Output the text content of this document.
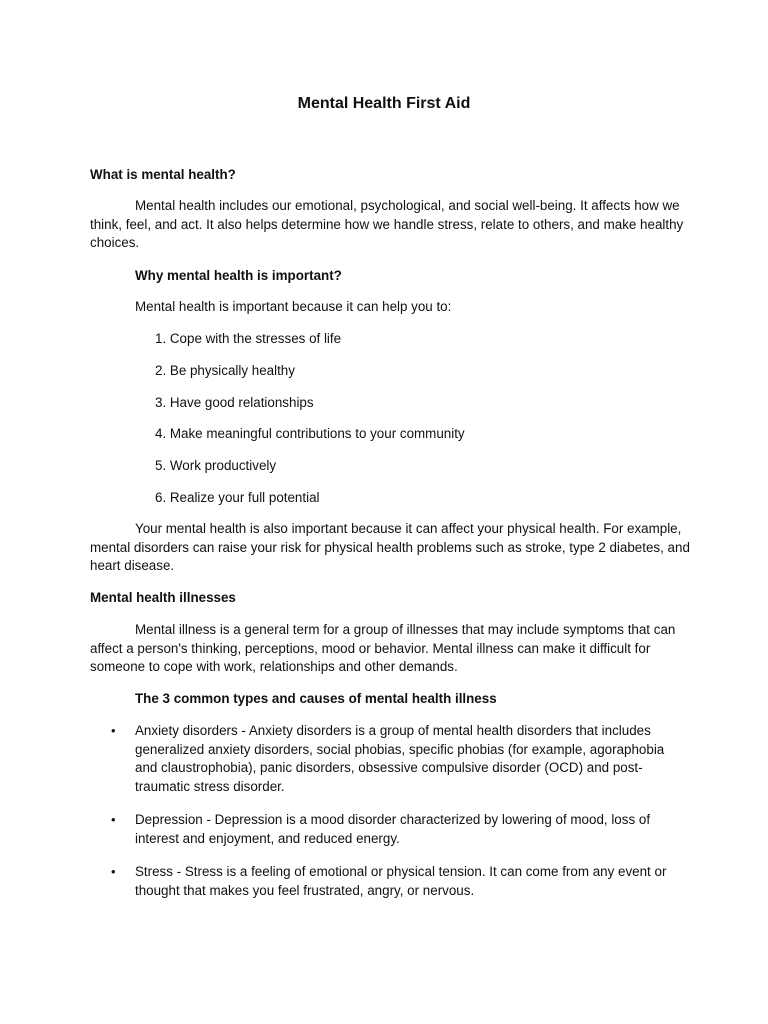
Mental Health First Aid

What is mental health?

Mental health includes our emotional, psychological, and social well-being. It affects how we think, feel, and act. It also helps determine how we handle stress, relate to others, and make healthy choices.

Why mental health is important?

Mental health is important because it can help you to:

1. Cope with the stresses of life

2. Be physically healthy

3. Have good relationships

4. Make meaningful contributions to your community

5. Work productively

6. Realize your full potential

Your mental health is also important because it can affect your physical health. For example, mental disorders can raise your risk for physical health problems such as stroke, type 2 diabetes, and heart disease.

Mental health illnesses

Mental illness is a general term for a group of illnesses that may include symptoms that can affect a person's thinking, perceptions, mood or behavior. Mental illness can make it difficult for someone to cope with work, relationships and other demands.

The 3 common types and causes of mental health illness

• Anxiety disorders - Anxiety disorders is a group of mental health disorders that includes generalized anxiety disorders, social phobias, specific phobias (for example, agoraphobia and claustrophobia), panic disorders, obsessive compulsive disorder (OCD) and post-traumatic stress disorder.
• Depression - Depression is a mood disorder characterized by lowering of mood, loss of interest and enjoyment, and reduced energy.
• Stress - Stress is a feeling of emotional or physical tension. It can come from any event or thought that makes you feel frustrated, angry, or nervous.
